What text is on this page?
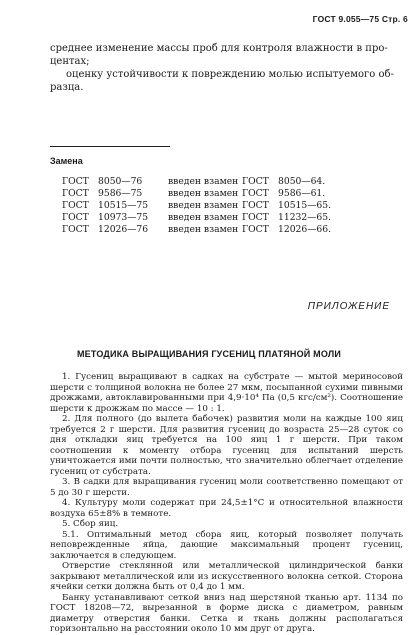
ГОСТ 9.055—75 Стр. 6
среднее изменение массы проб для контроля влажности в про-
центах;
оценку устойчивости к повреждению молью испытуемого об-
разца.
Замена
ГОСТ	8050—76	введен взамен ГОСТ	8050—64.
ГОСТ	9586—75	введен взамен ГОСТ	9586—61.
ГОСТ	10515—75	введен взамен ГОСТ	10515—65.
ГОСТ	10973—75	введен взамен ГОСТ	11232—65.
ГОСТ	12026—76	введен взамен ГОСТ	12026—66.
ПРИЛОЖЕНИЕ
МЕТОДИКА ВЫРАЩИВАНИЯ ГУСЕНИЦ ПЛАТЯНОЙ МОЛИ

1. Гусениц выращивают в садках на субстрате — мытой мериносовой шерсти с толщиной волокна не более 27 мкм, посыпанной сухими пивными дрожжами, автоклавированными при 4,9·10⁴ Па (0,5 кгс/см²). Соотношение шерсти к дрожжам по массе — 10 : 1.

2. Для полного (до вылета бабочек) развития моли на каждые 100 яиц требуется 2 г шерсти. Для развития гусениц до возраста 25—28 суток со дня откладки яиц требуется на 100 яиц 1 г шерсти. При таком соотношении к моменту отбора гусениц для испытаний шерсть уничтожается ими почти полностью, что значительно облегчает отделение гусениц от субстрата.

3. В садки для выращивания гусениц моли соответственно помещают от 5 до 30 г шерсти.

4. Культуру моли содержат при 24,5±1°С и относительной влажности воздуха 65±8% в темноте.

5. Сбор яиц.

5.1. Оптимальный метод сбора яиц, который позволяет получать неповрежденные яйца, дающие максимальный процент гусениц, заключается в следующем.

Отверстие стеклянной или металлической цилиндрической банки закрывают металлической или из искусственного волокна сеткой. Сторона ячейки сетки должна быть от 0,4 до 1 мм.

Банку устанавливают сеткой вниз над шерстяной тканью арт. 1134 по ГОСТ 18208—72, вырезанной в форме диска с диаметром, равным диаметру отверстия банки. Сетка и ткань должны располагаться горизонтально на расстоянии около 10 мм друг от друга.
